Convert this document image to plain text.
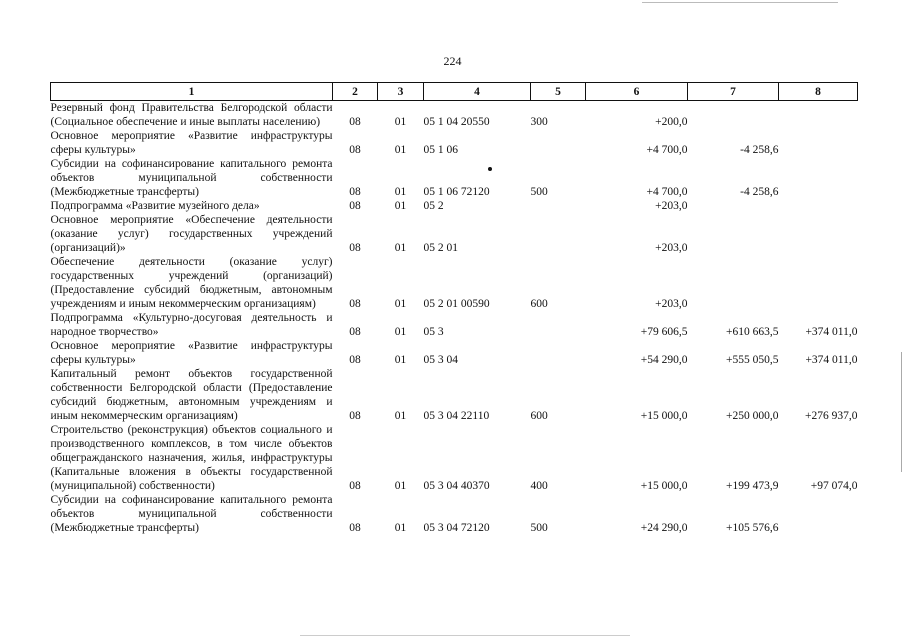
224
1	2	3	4	5	6	7	8
Резервный фонд Правительства Белгородской области (Социальное обеспечение и иные выплаты населению)	08	01	05 1 04 20550	300	+200,0		
Основное мероприятие «Развитие инфраструктуры сферы культуры»	08	01	05 1 06		+4 700,0	-4 258,6	
Субсидии на софинансирование капитального ремонта объектов муниципальной собственности (Межбюджетные трансферты)	08	01	05 1 06 72120	500	+4 700,0	-4 258,6	
Подпрограмма «Развитие музейного дела»	08	01	05 2		+203,0		
Основное мероприятие «Обеспечение деятельности (оказание услуг) государственных учреждений (организаций)»	08	01	05 2 01		+203,0		
Обеспечение деятельности (оказание услуг) государственных учреждений (организаций) (Предоставление субсидий бюджетным, автономным учреждениям и иным некоммерческим организациям)	08	01	05 2 01 00590	600	+203,0		
Подпрограмма «Культурно-досуговая деятельность и народное творчество»	08	01	05 3		+79 606,5	+610 663,5	+374 011,0
Основное мероприятие «Развитие инфраструктуры сферы культуры»	08	01	05 3 04		+54 290,0	+555 050,5	+374 011,0
Капитальный ремонт объектов государственной собственности Белгородской области (Предоставление субсидий бюджетным, автономным учреждениям и иным некоммерческим организациям)	08	01	05 3 04 22110	600	+15 000,0	+250 000,0	+276 937,0
Строительство (реконструкция) объектов социального и производственного комплексов, в том числе объектов общегражданского назначения, жилья, инфраструктуры (Капитальные вложения в объекты государственной (муниципальной) собственности)	08	01	05 3 04 40370	400	+15 000,0	+199 473,9	+97 074,0
Субсидии на софинансирование капитального ремонта объектов муниципальной собственности (Межбюджетные трансферты)	08	01	05 3 04 72120	500	+24 290,0	+105 576,6	
